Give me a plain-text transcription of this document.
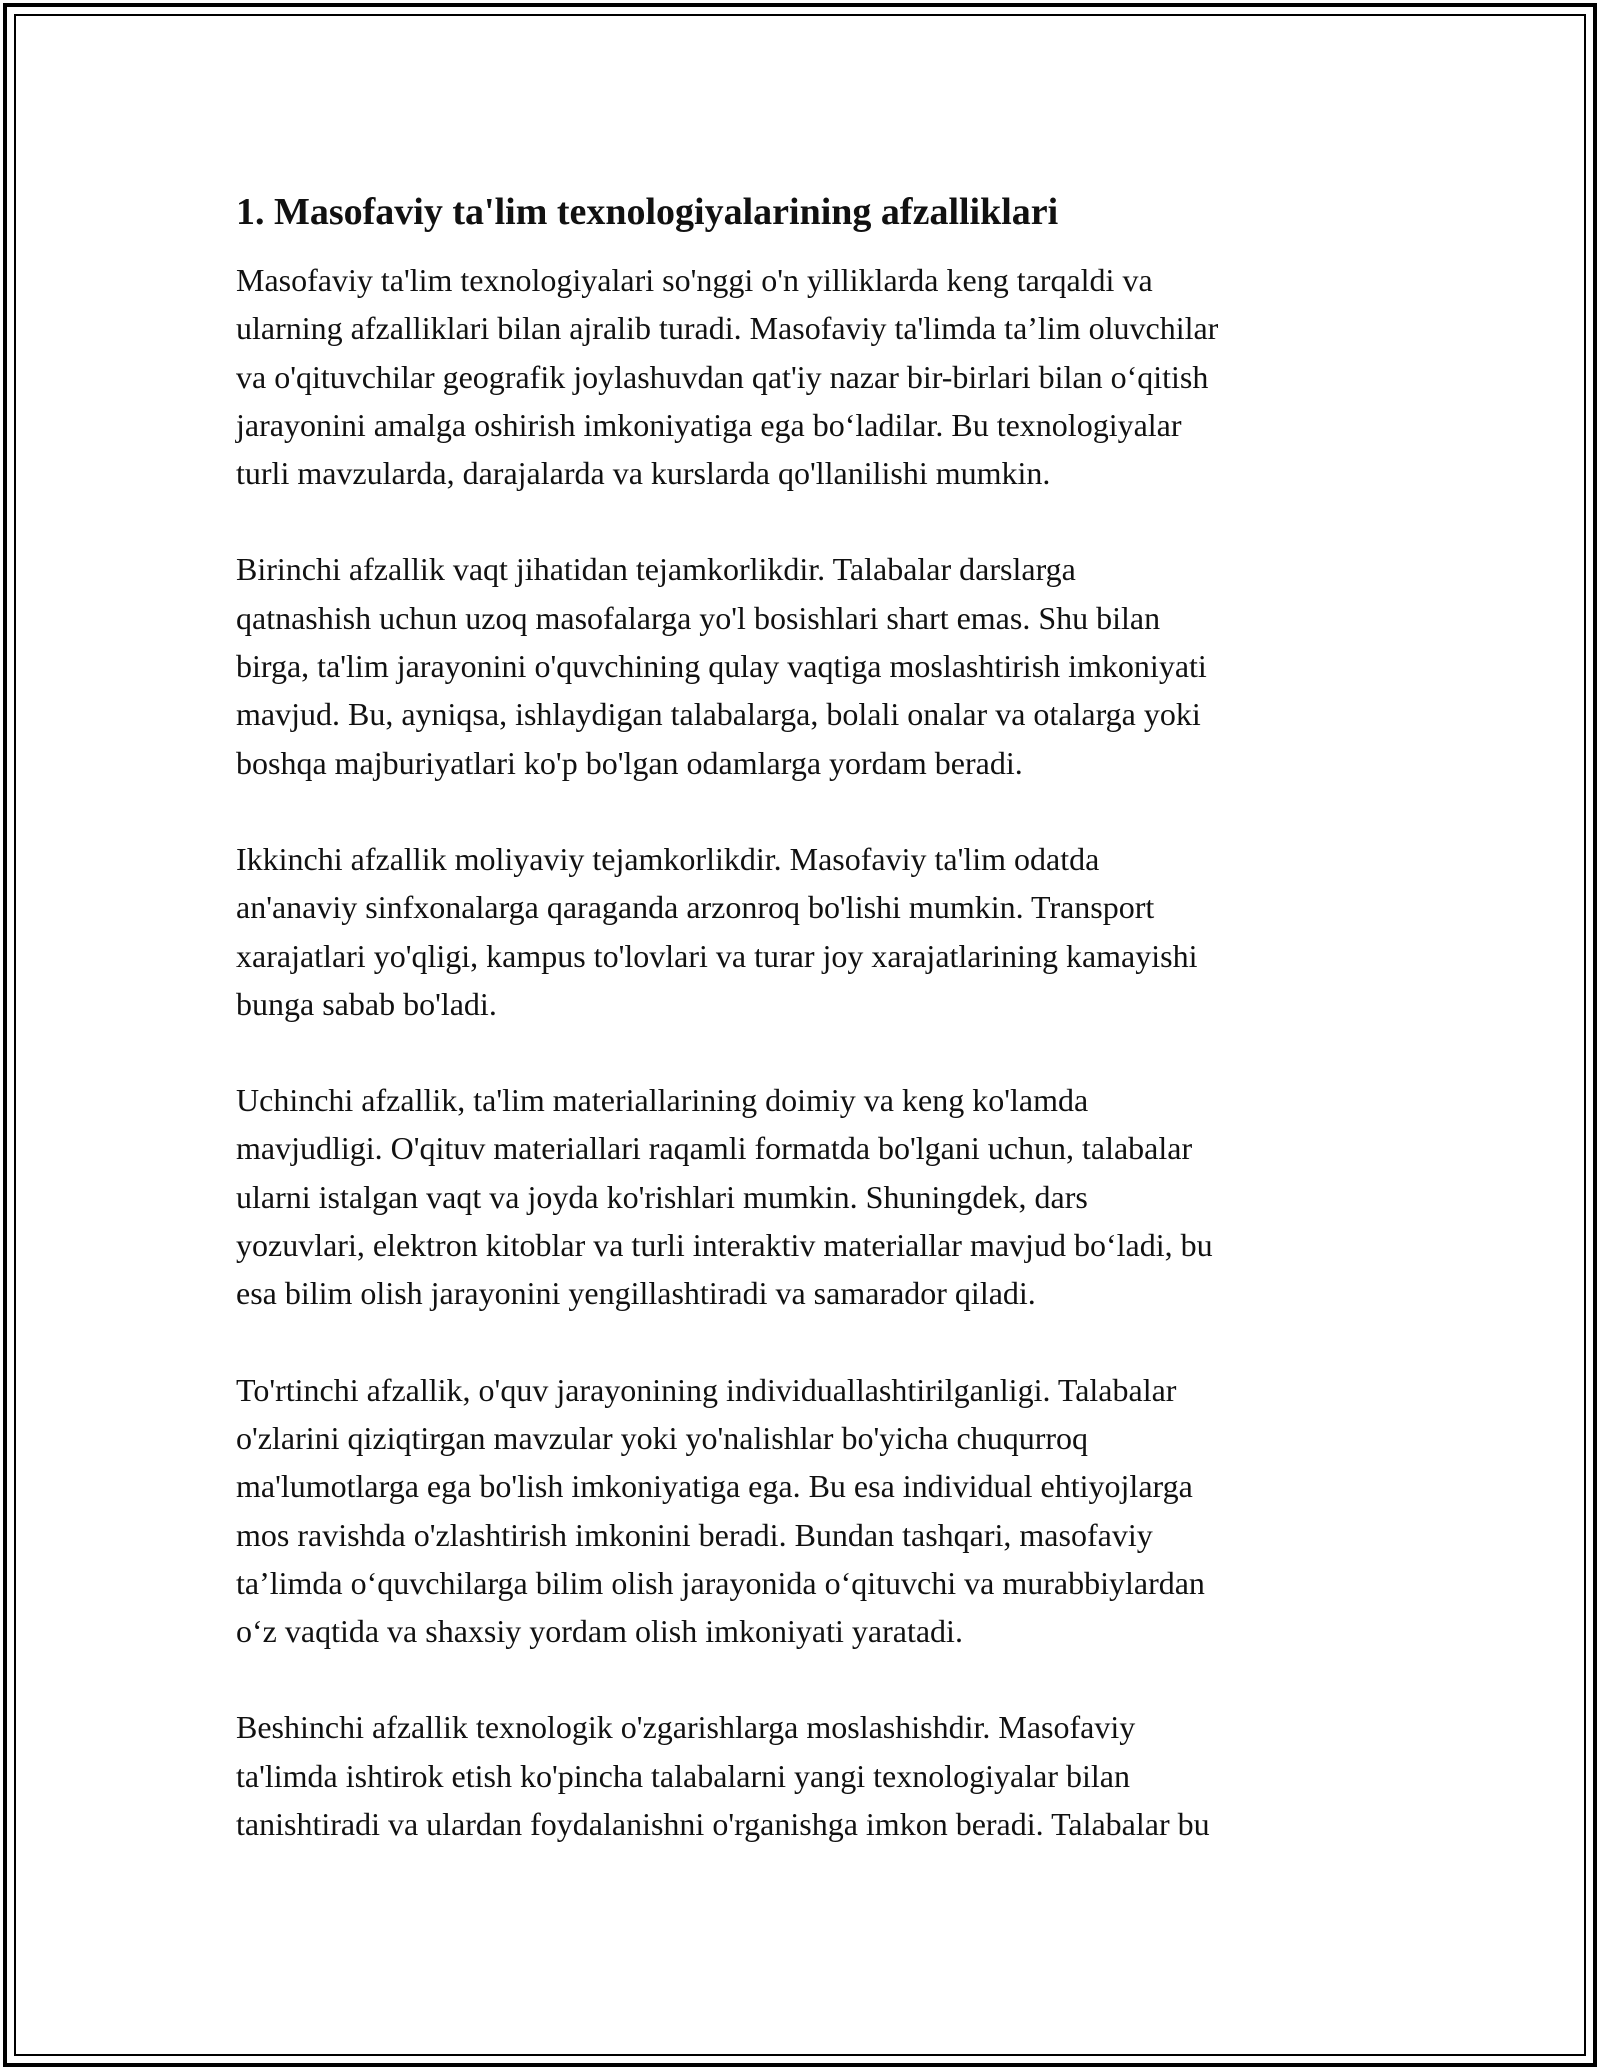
1. Masofaviy ta'lim texnologiyalarining afzalliklari

Masofaviy ta'lim texnologiyalari so'nggi o'n yilliklarda keng tarqaldi va
ularning afzalliklari bilan ajralib turadi. Masofaviy ta'limda ta’lim oluvchilar
va o'qituvchilar geografik joylashuvdan qat'iy nazar bir-birlari bilan o‘qitish
jarayonini amalga oshirish imkoniyatiga ega bo‘ladilar. Bu texnologiyalar
turli mavzularda, darajalarda va kurslarda qo'llanilishi mumkin.

Birinchi afzallik vaqt jihatidan tejamkorlikdir. Talabalar darslarga
qatnashish uchun uzoq masofalarga yo'l bosishlari shart emas. Shu bilan
birga, ta'lim jarayonini o'quvchining qulay vaqtiga moslashtirish imkoniyati
mavjud. Bu, ayniqsa, ishlaydigan talabalarga, bolali onalar va otalarga yoki
boshqa majburiyatlari ko'p bo'lgan odamlarga yordam beradi.

Ikkinchi afzallik moliyaviy tejamkorlikdir. Masofaviy ta'lim odatda
an'anaviy sinfxonalarga qaraganda arzonroq bo'lishi mumkin. Transport
xarajatlari yo'qligi, kampus to'lovlari va turar joy xarajatlarining kamayishi
bunga sabab bo'ladi.

Uchinchi afzallik, ta'lim materiallarining doimiy va keng ko'lamda
mavjudligi. O'qituv materiallari raqamli formatda bo'lgani uchun, talabalar
ularni istalgan vaqt va joyda ko'rishlari mumkin. Shuningdek, dars
yozuvlari, elektron kitoblar va turli interaktiv materiallar mavjud bo‘ladi, bu
esa bilim olish jarayonini yengillashtiradi va samarador qiladi.

To'rtinchi afzallik, o'quv jarayonining individuallashtirilganligi. Talabalar
o'zlarini qiziqtirgan mavzular yoki yo'nalishlar bo'yicha chuqurroq
ma'lumotlarga ega bo'lish imkoniyatiga ega. Bu esa individual ehtiyojlarga
mos ravishda o'zlashtirish imkonini beradi. Bundan tashqari, masofaviy
ta’limda o‘quvchilarga bilim olish jarayonida o‘qituvchi va murabbiylardan
o‘z vaqtida va shaxsiy yordam olish imkoniyati yaratadi.

Beshinchi afzallik texnologik o'zgarishlarga moslashishdir. Masofaviy
ta'limda ishtirok etish ko'pincha talabalarni yangi texnologiyalar bilan
tanishtiradi va ulardan foydalanishni o'rganishga imkon beradi. Talabalar bu
